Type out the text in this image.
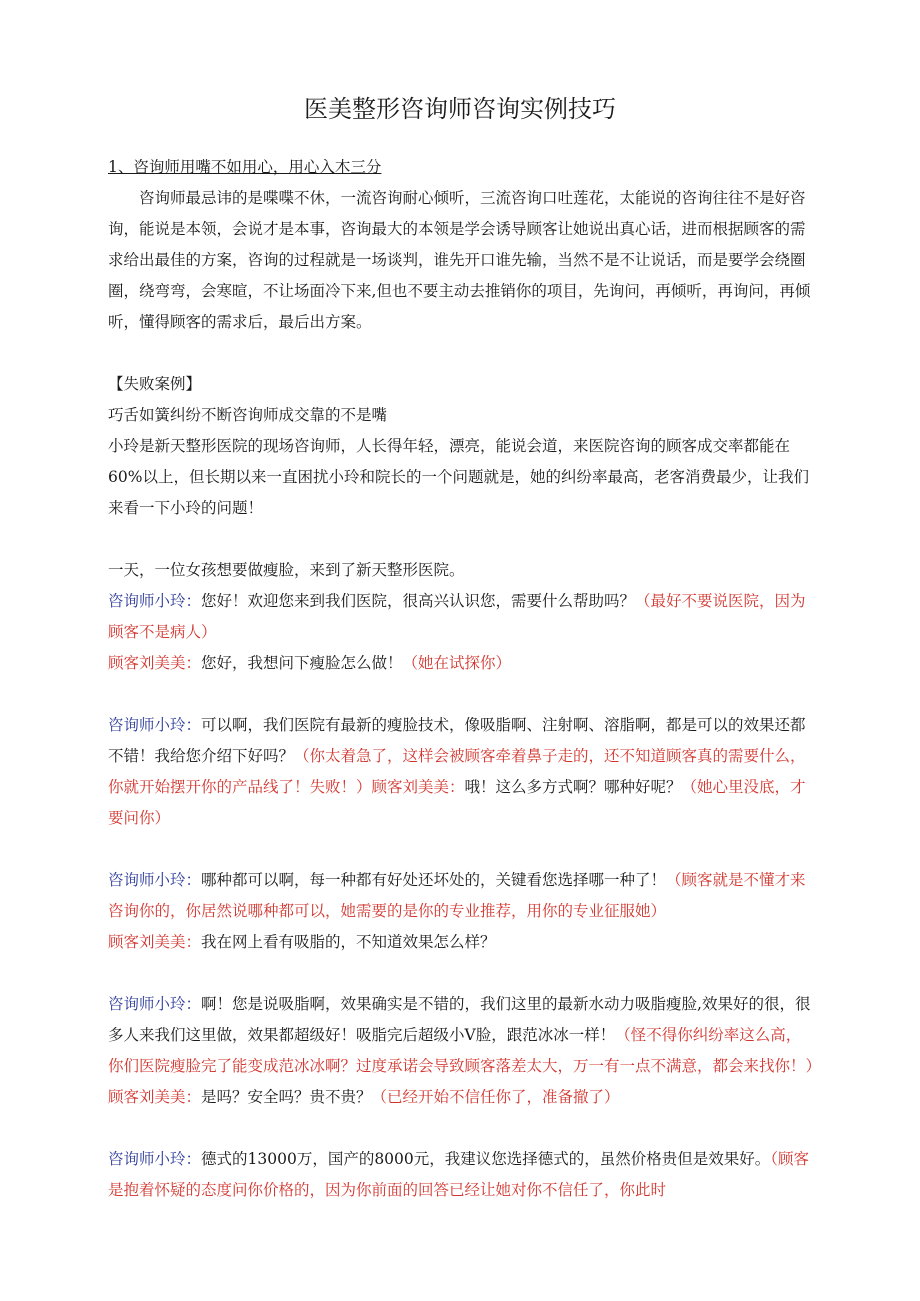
医美整形咨询师咨询实例技巧

1、咨询师用嘴不如用心，用心入木三分

咨询师最忌讳的是喋喋不休，一流咨询耐心倾听，三流咨询口吐莲花，太能说的咨询往往不是好咨询，能说是本领，会说才是本事，咨询最大的本领是学会诱导顾客让她说出真心话，进而根据顾客的需求给出最佳的方案，咨询的过程就是一场谈判，谁先开口谁先输，当然不是不让说话，而是要学会绕圈圈，绕弯弯，会寒暄，不让场面冷下来,但也不要主动去推销你的项目，先询问，再倾听，再询问，再倾听，懂得顾客的需求后，最后出方案。

【失败案例】

巧舌如簧纠纷不断咨询师成交靠的不是嘴

小玲是新天整形医院的现场咨询师，人长得年轻，漂亮，能说会道，来医院咨询的顾客成交率都能在60%以上，但长期以来一直困扰小玲和院长的一个问题就是，她的纠纷率最高，老客消费最少，让我们来看一下小玲的问题！

一天，一位女孩想要做瘦脸，来到了新天整形医院。

咨询师小玲：您好！欢迎您来到我们医院，很高兴认识您，需要什么帮助吗？（最好不要说医院，因为顾客不是病人）

顾客刘美美：您好，我想问下瘦脸怎么做！（她在试探你）

咨询师小玲：可以啊，我们医院有最新的瘦脸技术，像吸脂啊、注射啊、溶脂啊，都是可以的效果还都不错！我给您介绍下好吗？（你太着急了，这样会被顾客牵着鼻子走的，还不知道顾客真的需要什么，你就开始摆开你的产品线了！失败！）顾客刘美美：哦！这么多方式啊？哪种好呢？（她心里没底，才要问你）

咨询师小玲：哪种都可以啊，每一种都有好处还坏处的，关键看您选择哪一种了！（顾客就是不懂才来咨询你的，你居然说哪种都可以，她需要的是你的专业推荐，用你的专业征服她）

顾客刘美美：我在网上看有吸脂的，不知道效果怎么样？

咨询师小玲：啊！您是说吸脂啊，效果确实是不错的，我们这里的最新水动力吸脂瘦脸,效果好的很，很多人来我们这里做，效果都超级好！吸脂完后超级小V脸，跟范冰冰一样！（怪不得你纠纷率这么高，你们医院瘦脸完了能变成范冰冰啊？过度承诺会导致顾客落差太大，万一有一点不满意，都会来找你！）

顾客刘美美：是吗？安全吗？贵不贵？（已经开始不信任你了，准备撤了）

咨询师小玲：德式的13000万，国产的8000元，我建议您选择德式的，虽然价格贵但是效果好。（顾客是抱着怀疑的态度问你价格的，因为你前面的回答已经让她对你不信任了，你此时
